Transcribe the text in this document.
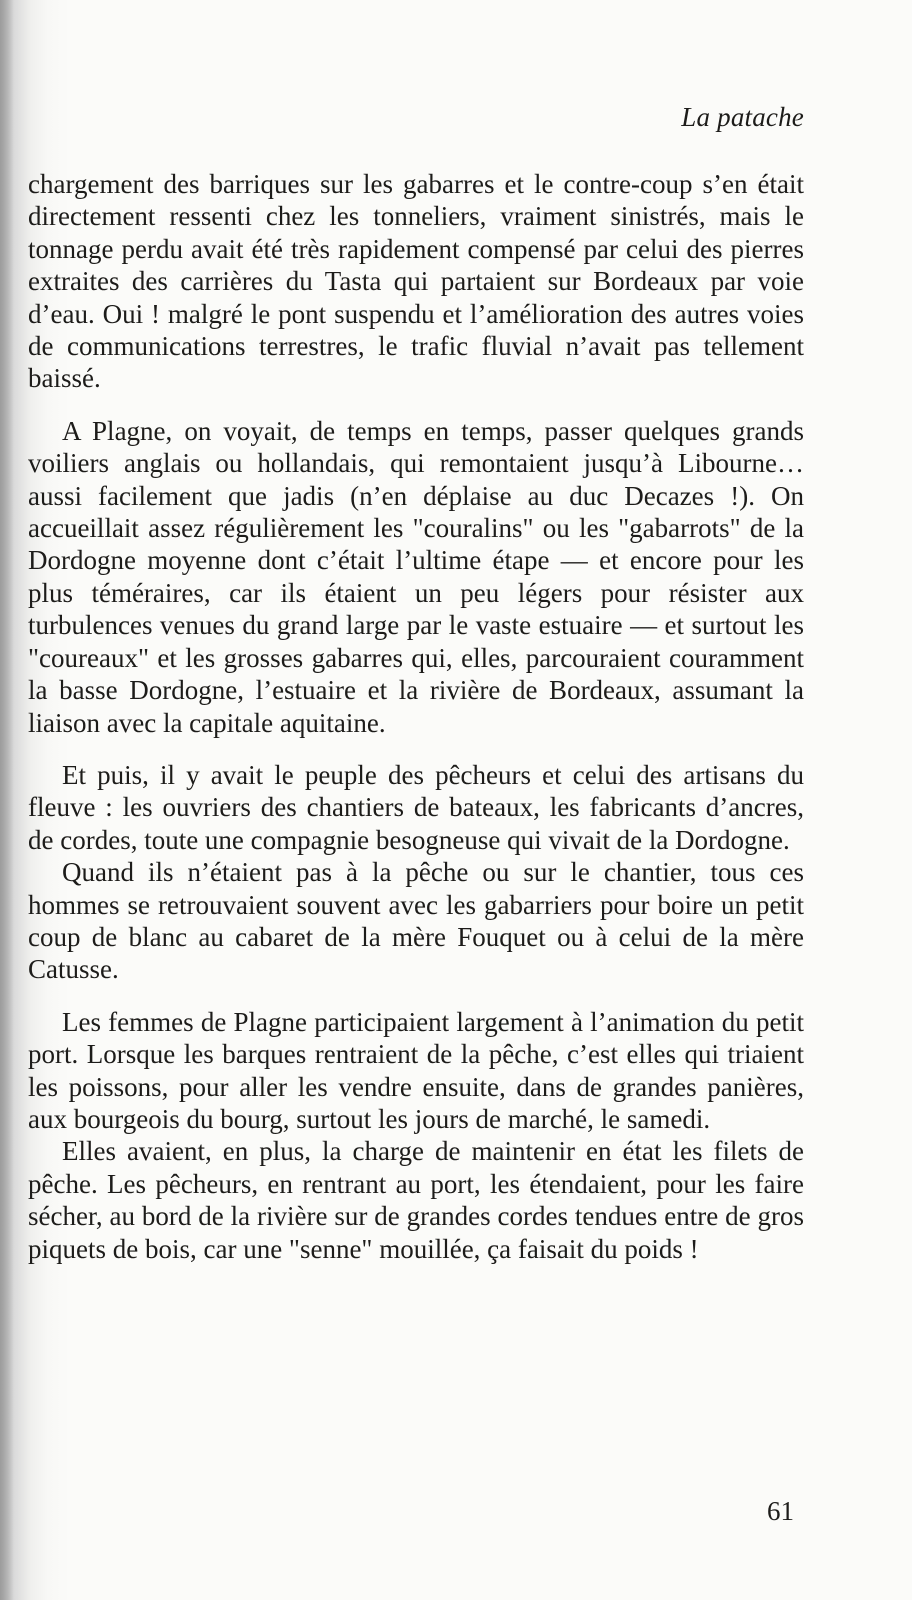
La patache

chargement des barriques sur les gabarres et le contre-coup s’en était directement ressenti chez les tonneliers, vraiment sinistrés, mais le tonnage perdu avait été très rapidement compensé par celui des pierres extraites des carrières du Tasta qui partaient sur Bordeaux par voie d’eau. Oui ! malgré le pont suspendu et l’amélioration des autres voies de communications terrestres, le trafic fluvial n’avait pas tellement baissé.

A Plagne, on voyait, de temps en temps, passer quelques grands voiliers anglais ou hollandais, qui remontaient jusqu’à Libourne… aussi facilement que jadis (n’en déplaise au duc Decazes !). On accueillait assez régulièrement les "couralins" ou les "gabarrots" de la Dordogne moyenne dont c’était l’ultime étape — et encore pour les plus téméraires, car ils étaient un peu légers pour résister aux turbulences venues du grand large par le vaste estuaire — et surtout les "coureaux" et les grosses gabarres qui, elles, parcouraient couramment la basse Dordogne, l’estuaire et la rivière de Bordeaux, assumant la liaison avec la capitale aquitaine.

Et puis, il y avait le peuple des pêcheurs et celui des artisans du fleuve : les ouvriers des chantiers de bateaux, les fabricants d’ancres, de cordes, toute une compagnie besogneuse qui vivait de la Dordogne.

Quand ils n’étaient pas à la pêche ou sur le chantier, tous ces hommes se retrouvaient souvent avec les gabarriers pour boire un petit coup de blanc au cabaret de la mère Fouquet ou à celui de la mère Catusse.

Les femmes de Plagne participaient largement à l’animation du petit port. Lorsque les barques rentraient de la pêche, c’est elles qui triaient les poissons, pour aller les vendre ensuite, dans de grandes panières, aux bourgeois du bourg, surtout les jours de marché, le samedi.

Elles avaient, en plus, la charge de maintenir en état les filets de pêche. Les pêcheurs, en rentrant au port, les étendaient, pour les faire sécher, au bord de la rivière sur de grandes cordes tendues entre de gros piquets de bois, car une "senne" mouillée, ça faisait du poids !

61
